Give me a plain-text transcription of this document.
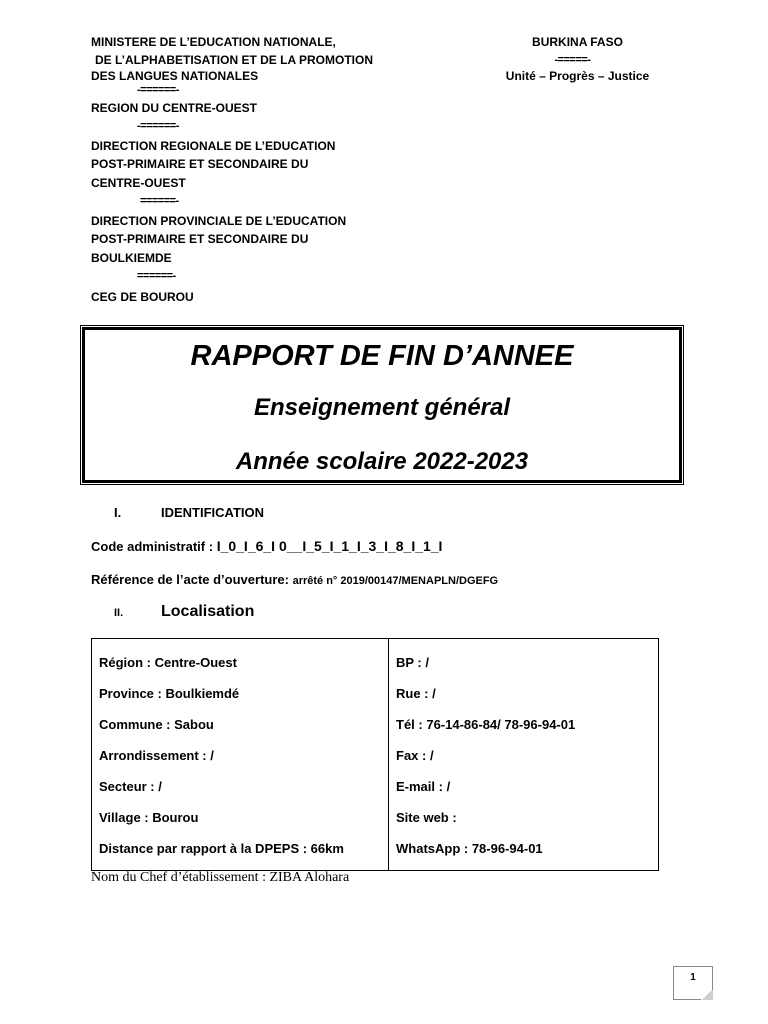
MINISTERE DE L’EDUCATION NATIONALE,
DE L’ALPHABETISATION ET DE LA PROMOTION
DES LANGUES NATIONALES
-======-
REGION DU CENTRE-OUEST
-======-
DIRECTION REGIONALE DE L’EDUCATION
POST-PRIMAIRE ET SECONDAIRE DU
CENTRE-OUEST
======-
DIRECTION PROVINCIALE DE L’EDUCATION
POST-PRIMAIRE ET SECONDAIRE DU
BOULKIEMDE
======-
CEG DE BOUROU
BURKINA FASO
-=====-
Unité – Progrès – Justice
RAPPORT DE FIN D’ANNEE
Enseignement général
Année scolaire 2022-2023
I.	IDENTIFICATION
Code administratif : I_0_I_6_I 0__I_5_I_1_I_3_I_8_I_1_I
Référence de l’acte d’ouverture: arrêté n° 2019/00147/MENAPLN/DGEFG
II. Localisation
Région : Centre-Ouest
Province : Boulkiemdé
Commune : Sabou
Arrondissement : /
Secteur : /
Village : Bourou
Distance par rapport à la DPEPS : 66km

BP : /
Rue : /
Tél : 76-14-86-84/ 78-96-94-01
Fax : /
E-mail : /
Site web :
WhatsApp : 78-96-94-01
Nom du Chef d’établissement : ZIBA Alohara
1
